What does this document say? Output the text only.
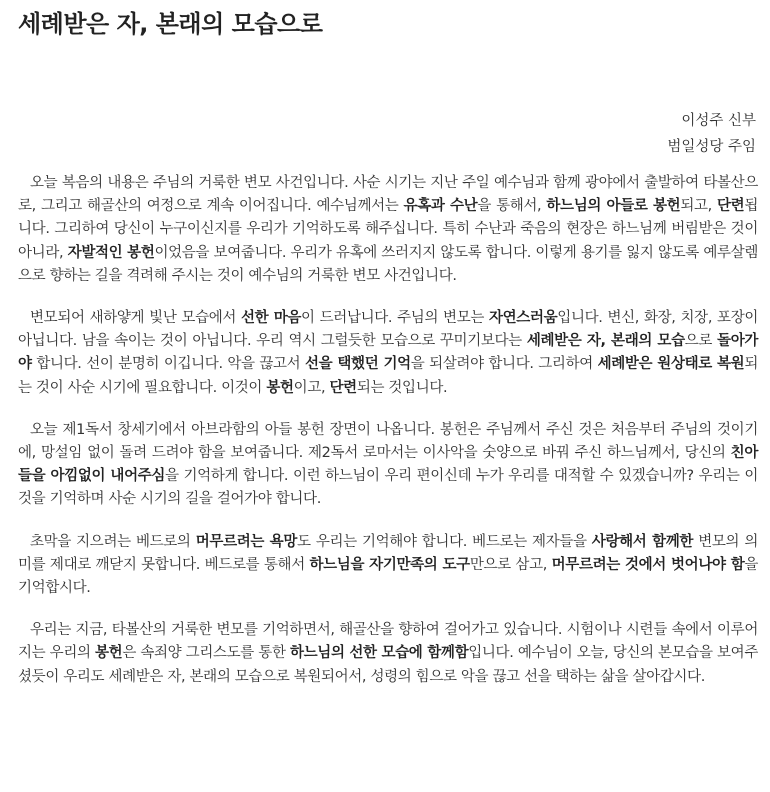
세례받은 자, 본래의 모습으로
이성주 신부
범일성당 주임

오늘 복음의 내용은 주님의 거룩한 변모 사건입니다. 사순 시기는 지난 주일 예수님과 함께 광야에서 출발하여 타볼산으로, 그리고 해골산의 여정으로 계속 이어집니다. 예수님께서는 유혹과 수난을 통해서, 하느님의 아들로 봉헌되고, 단련됩니다. 그리하여 당신이 누구이신지를 우리가 기억하도록 해주십니다. 특히 수난과 죽음의 현장은 하느님께 버림받은 것이 아니라, 자발적인 봉헌이었음을 보여줍니다. 우리가 유혹에 쓰러지지 않도록 합니다. 이렇게 용기를 잃지 않도록 예루살렘으로 향하는 길을 격려해 주시는 것이 예수님의 거룩한 변모 사건입니다.

변모되어 새하얗게 빛난 모습에서 선한 마음이 드러납니다. 주님의 변모는 자연스러움입니다. 변신, 화장, 치장, 포장이 아닙니다. 남을 속이는 것이 아닙니다. 우리 역시 그럴듯한 모습으로 꾸미기보다는 세례받은 자, 본래의 모습으로 돌아가야 합니다. 선이 분명히 이깁니다. 악을 끊고서 선을 택했던 기억을 되살려야 합니다. 그리하여 세례받은 원상태로 복원되는 것이 사순 시기에 필요합니다. 이것이 봉헌이고, 단련되는 것입니다.

오늘 제1독서 창세기에서 아브라함의 아들 봉헌 장면이 나옵니다. 봉헌은 주님께서 주신 것은 처음부터 주님의 것이기에, 망설임 없이 돌려 드려야 함을 보여줍니다. 제2독서 로마서는 이사악을 숫양으로 바꿔 주신 하느님께서, 당신의 친아들을 아낌없이 내어주심을 기억하게 합니다. 이런 하느님이 우리 편이신데 누가 우리를 대적할 수 있겠습니까? 우리는 이것을 기억하며 사순 시기의 길을 걸어가야 합니다.

초막을 지으려는 베드로의 머무르려는 욕망도 우리는 기억해야 합니다. 베드로는 제자들을 사랑해서 함께한 변모의 의미를 제대로 깨닫지 못합니다. 베드로를 통해서 하느님을 자기만족의 도구만으로 삼고, 머무르려는 것에서 벗어나야 함을 기억합시다.

우리는 지금, 타볼산의 거룩한 변모를 기억하면서, 해골산을 향하여 걸어가고 있습니다. 시험이나 시련들 속에서 이루어지는 우리의 봉헌은 속죄양 그리스도를 통한 하느님의 선한 모습에 함께함입니다. 예수님이 오늘, 당신의 본모습을 보여주셨듯이 우리도 세례받은 자, 본래의 모습으로 복원되어서, 성령의 힘으로 악을 끊고 선을 택하는 삶을 살아갑시다.
